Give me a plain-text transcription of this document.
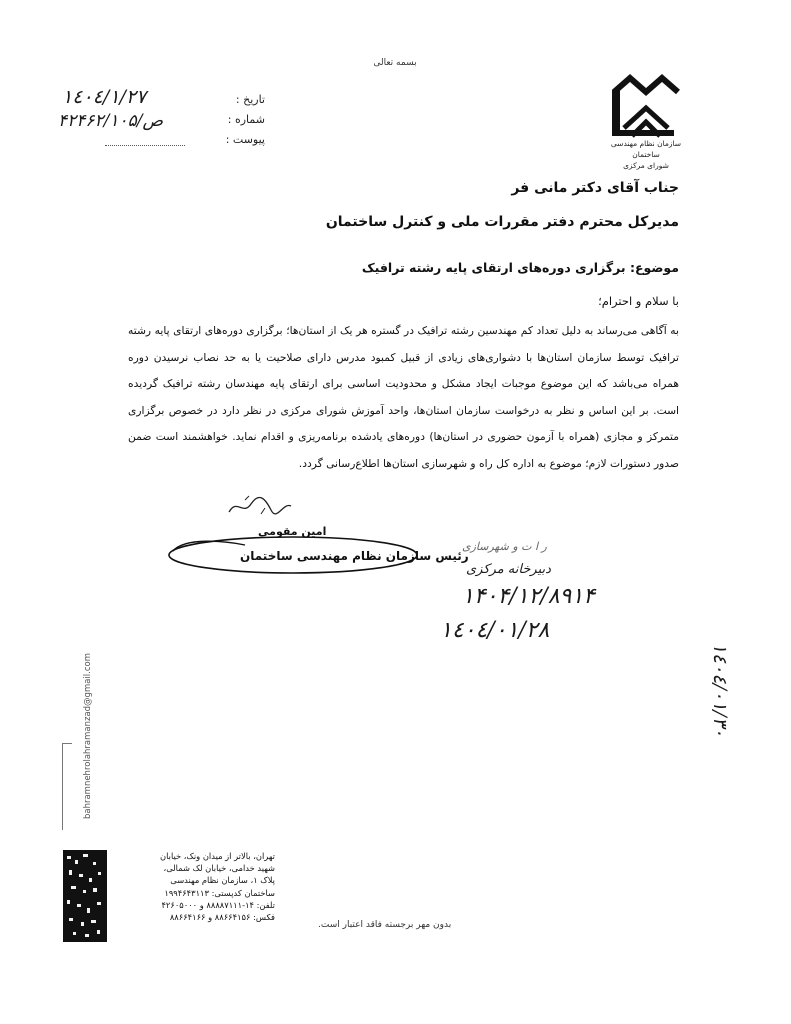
بسمه تعالی
سازمان نظام مهندسی ساختمان
شورای مرکزی
تاریخ :
۱٤٠٤/١/٢٧
شماره :
۴۲۴۶۲/۱۰۵/ص
پیوست :
جناب آقای دکتر مانی فر
مدیرکل محترم دفتر مقررات ملی و کنترل ساختمان
موضوع: برگزاری دوره‌های ارتقای پایه رشته ترافیک
با سلام و احترام؛
به آگاهی می‌رساند به دلیل تعداد کم مهندسین رشته ترافیک در گستره هر یک از استان‌ها؛ برگزاری دوره‌های ارتقای پایه رشته ترافیک توسط سازمان استان‌ها با دشواری‌های زیادی از قبیل کمبود مدرس دارای صلاحیت یا به حد نصاب نرسیدن دوره همراه می‌باشد که این موضوع موجبات ایجاد مشکل و محدودیت اساسی برای ارتقای پایه مهندسان رشته ترافیک گردیده است. بر این اساس و نظر به درخواست سازمان استان‌ها، واحد آموزش شورای مرکزی در نظر دارد در خصوص برگزاری متمرکز و مجازی (همراه با آزمون حضوری در استان‌ها) دوره‌های یادشده برنامه‌ریزی و اقدام نماید. خواهشمند است ضمن صدور دستورات لازم؛ موضوع به اداره کل راه و شهرسازی استان‌ها اطلاع‌رسانی گردد.
امین مقومی
رئیس سازمان نظام مهندسی ساختمان
ر ا ت و شهرسازی
دبیرخانه مرکزی
۱۴۰۴/۱۲/۸۹۱۴
۱٤٠٤/٠١/٢٨
۱٤٠٤/٠١/٣٠
bahramnehrolahramanzad@gmail.com
تهران، بالاتر از میدان ونک، خیابان
شهید خدامی، خیابان لک شمالی،
پلاک ۱، سازمان نظام مهندسی
ساختمان کدپستی: ۱۹۹۴۶۴۳۱۱۳
تلفن: ۱۴-۸۸۸۸۷۱۱۱ و ۴۲۶۰۵۰۰۰
فکس: ۸۸۶۶۴۱۵۶ و ۸۸۶۶۴۱۶۶
بدون مهر برجسته فاقد اعتبار است.
